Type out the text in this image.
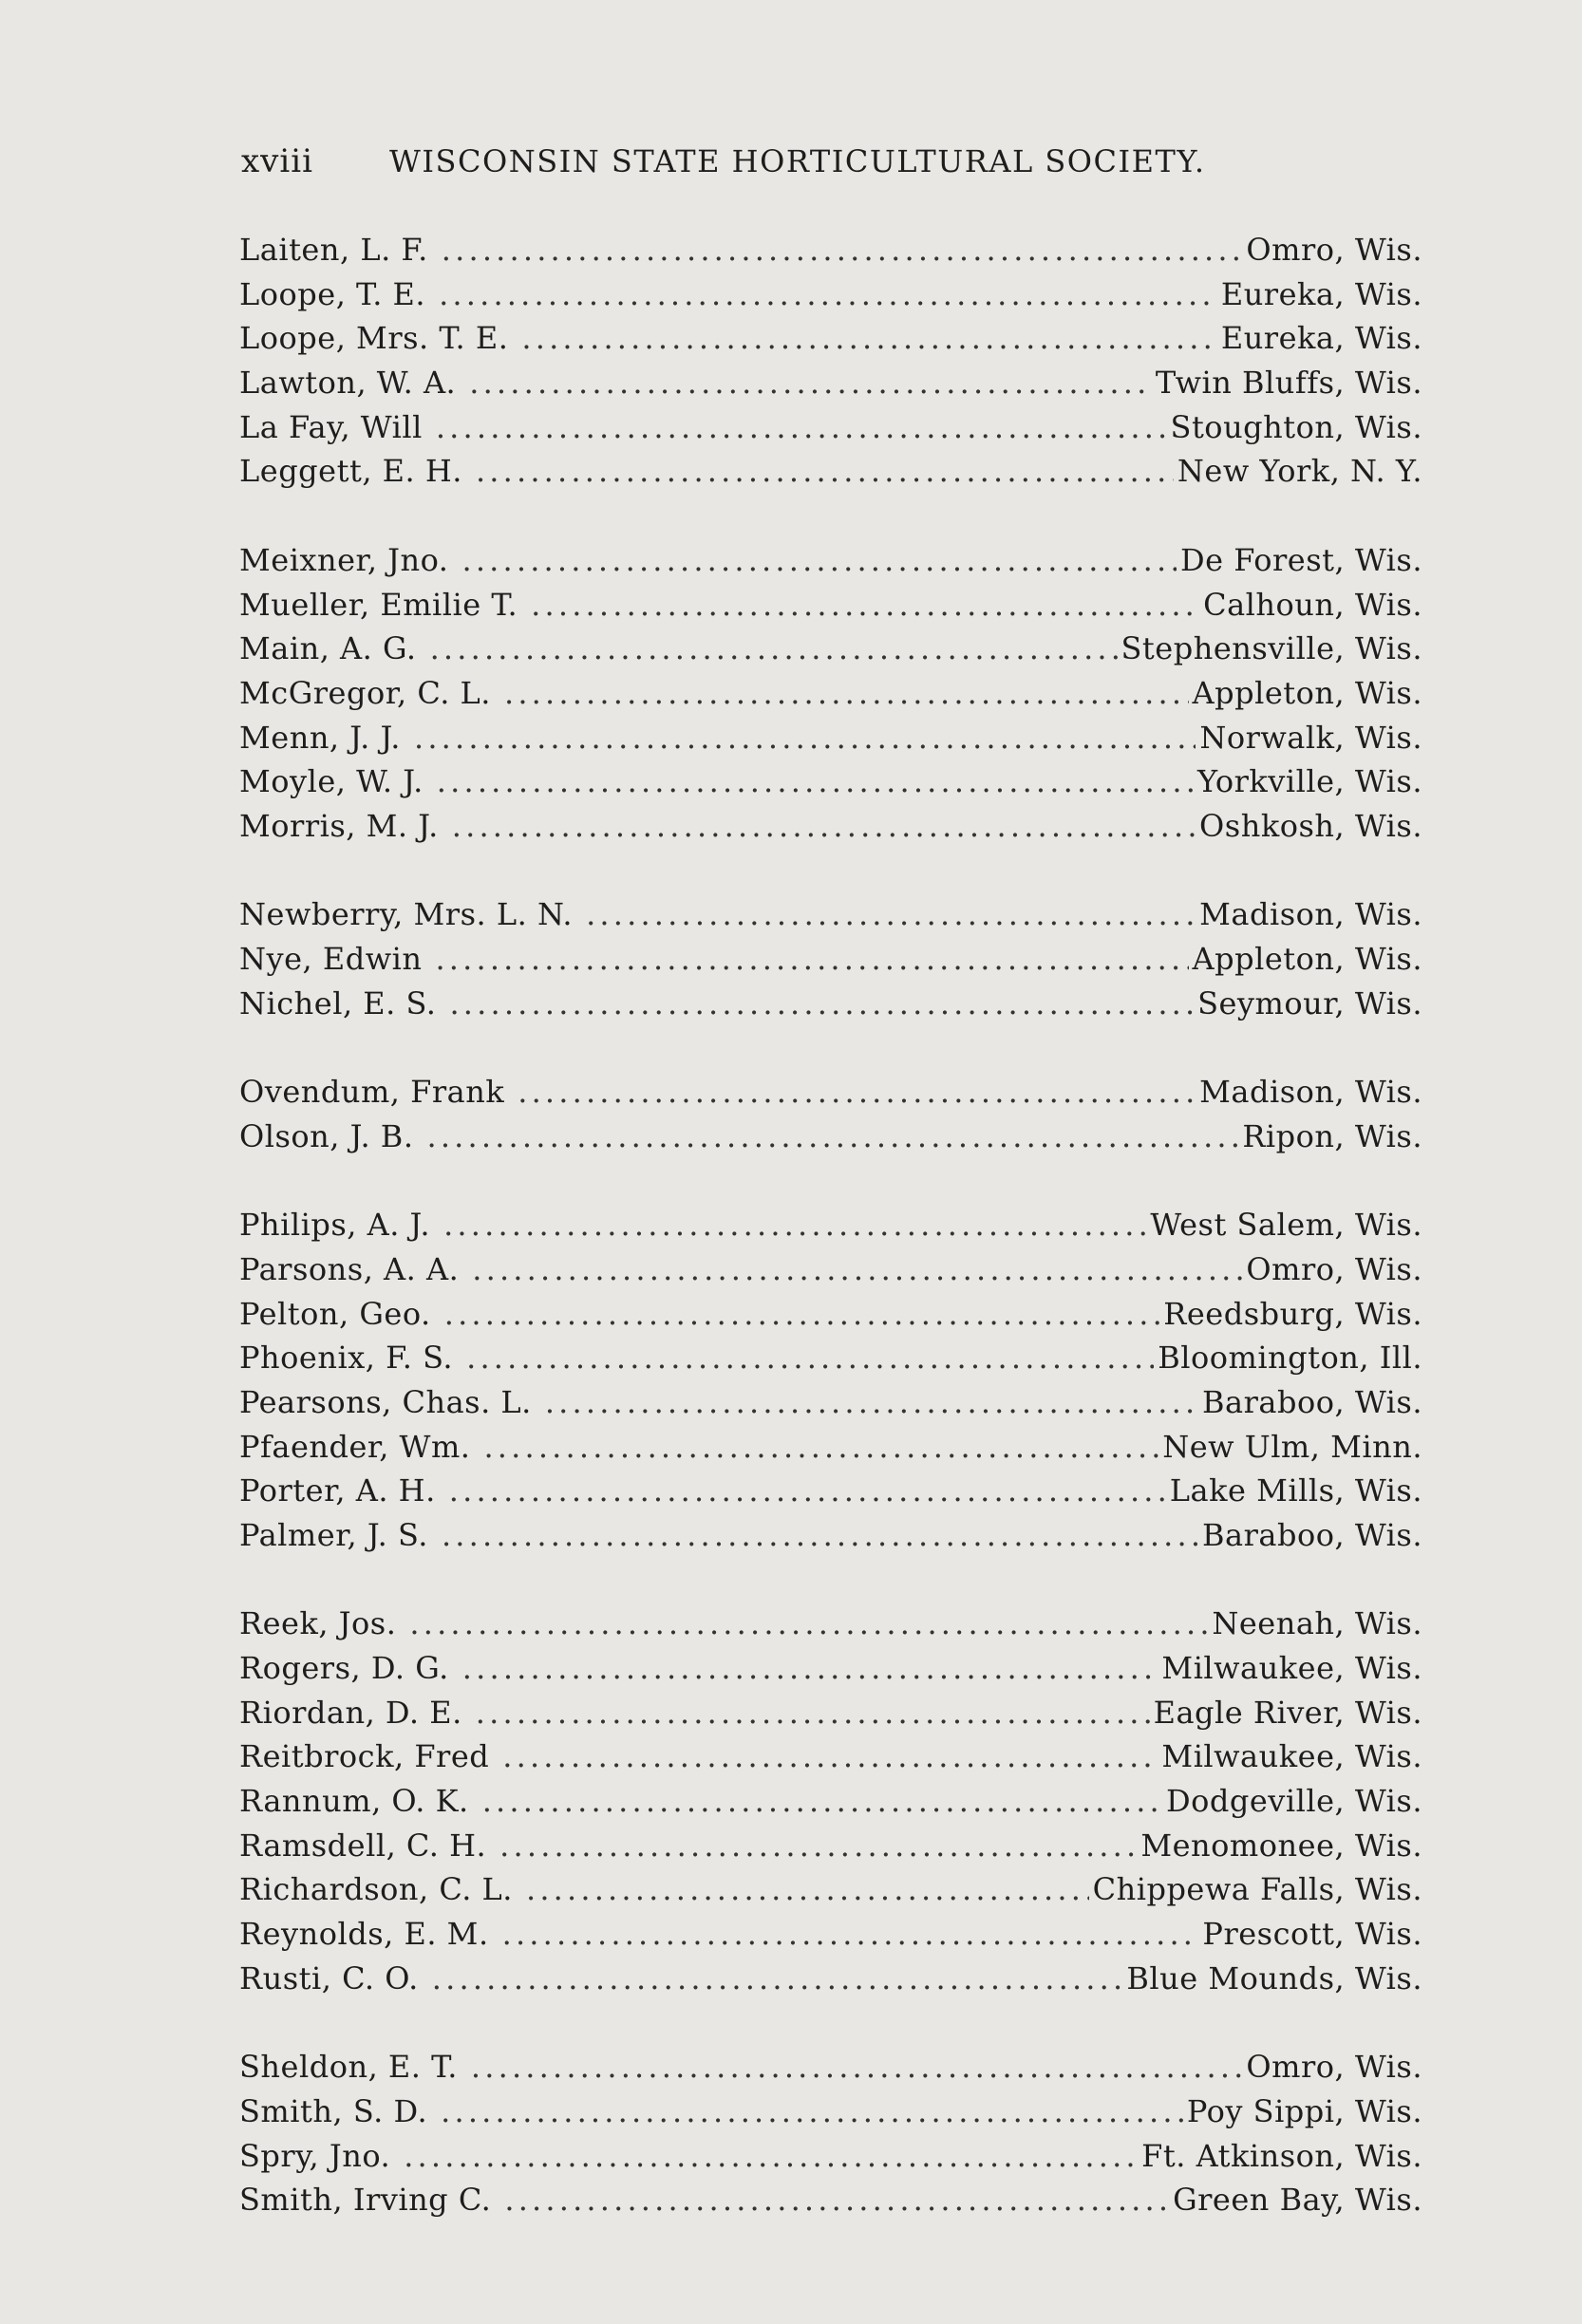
xviii	WISCONSIN STATE HORTICULTURAL SOCIETY.
Laiten, L. F. . . .	Omro, Wis.
Loope, T. E. . . .	Eureka, Wis.
Loope, Mrs. T. E. . . .	Eureka, Wis.
Lawton, W. A. . . .	Twin Bluffs, Wis.
La Fay, Will . . .	Stoughton, Wis.
Leggett, E. H. . . .	New York, N. Y.
Meixner, Jno. . . .	De Forest, Wis.
Mueller, Emilie T. . . .	Calhoun, Wis.
Main, A. G. . . .	Stephensville, Wis.
McGregor, C. L. . . .	Appleton, Wis.
Menn, J. J. . . .	Norwalk, Wis.
Moyle, W. J. . . .	Yorkville, Wis.
Morris, M. J. . . .	Oshkosh, Wis.
Newberry, Mrs. L. N. . . .	Madison, Wis.
Nye, Edwin . . .	Appleton, Wis.
Nichel, E. S. . . .	Seymour, Wis.
Ovendum, Frank . . .	Madison, Wis.
Olson, J. B. . . .	Ripon, Wis.
Philips, A. J. . . .	West Salem, Wis.
Parsons, A. A. . . .	Omro, Wis.
Pelton, Geo. . . .	Reedsburg, Wis.
Phoenix, F. S. . . .	Bloomington, Ill.
Pearsons, Chas. L. . . .	Baraboo, Wis.
Pfaender, Wm. . . .	New Ulm, Minn.
Porter, A. H. . . .	Lake Mills, Wis.
Palmer, J. S. . . .	Baraboo, Wis.
Reek, Jos. . . .	Neenah, Wis.
Rogers, D. G. . . .	Milwaukee, Wis.
Riordan, D. E. . . .	Eagle River, Wis.
Reitbrock, Fred . . .	Milwaukee, Wis.
Rannum, O. K. . . .	Dodgeville, Wis.
Ramsdell, C. H. . . .	Menomonee, Wis.
Richardson, C. L. . . .	Chippewa Falls, Wis.
Reynolds, E. M. . . .	Prescott, Wis.
Rusti, C. O. . . .	Blue Mounds, Wis.
Sheldon, E. T. . . .	Omro, Wis.
Smith, S. D. . . .	Poy Sippi, Wis.
Spry, Jno. . . .	Ft. Atkinson, Wis.
Smith, Irving C. . . .	Green Bay, Wis.
